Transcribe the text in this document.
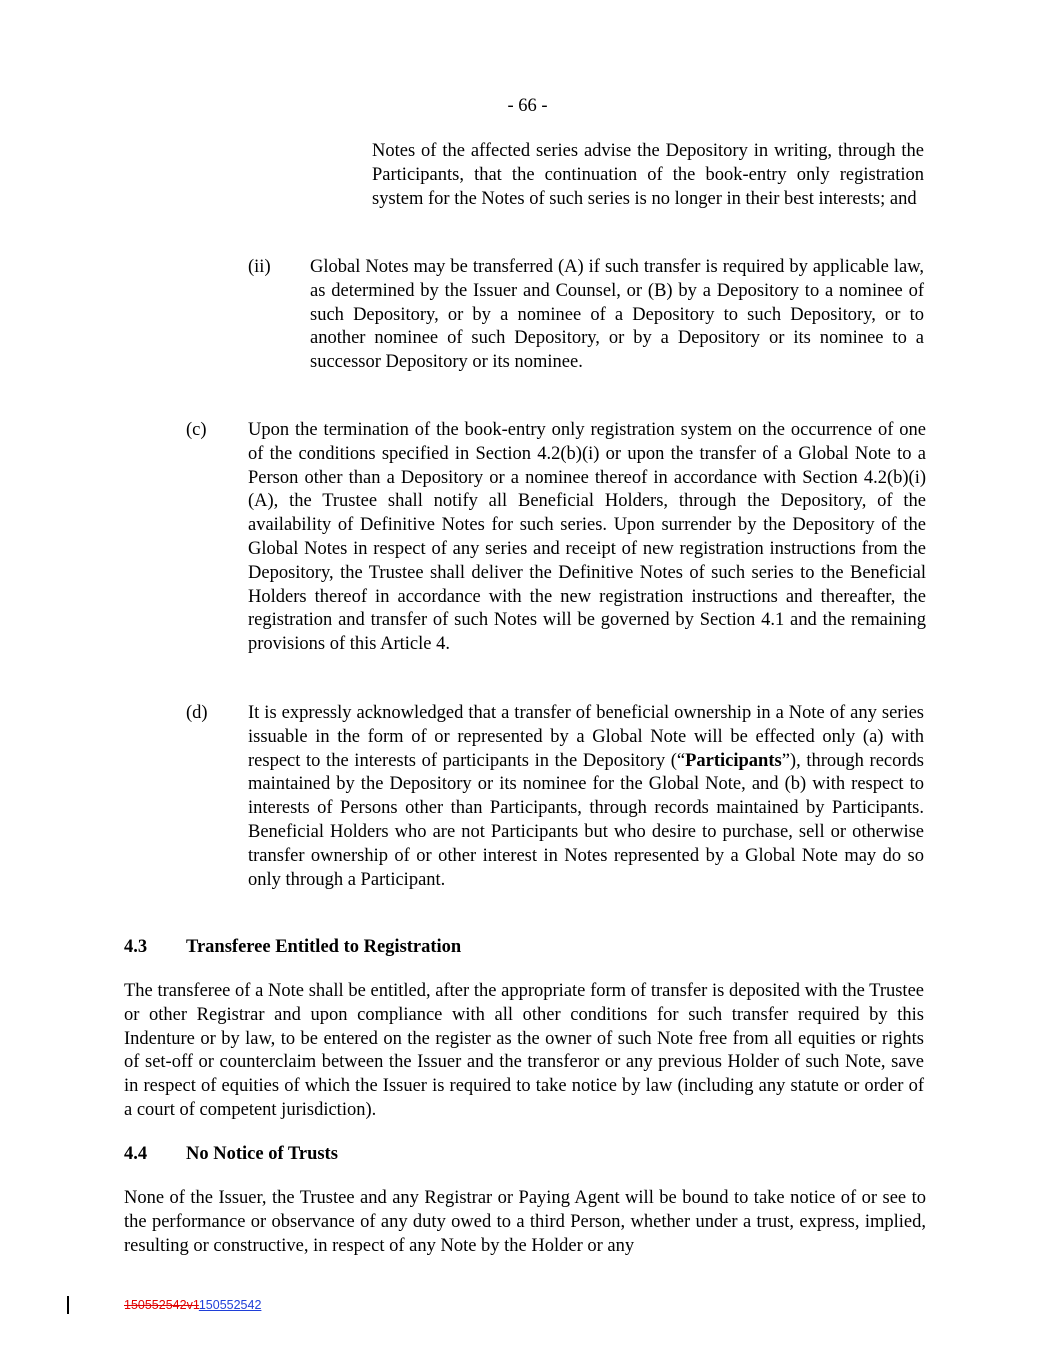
- 66 -

Notes of the affected series advise the Depository in writing, through the Participants, that the continuation of the book-entry only registration system for the Notes of such series is no longer in their best interests; and

(ii) Global Notes may be transferred (A) if such transfer is required by applicable law, as determined by the Issuer and Counsel, or (B) by a Depository to a nominee of such Depository, or by a nominee of a Depository to such Depository, or to another nominee of such Depository, or by a Depository or its nominee to a successor Depository or its nominee.

(c) Upon the termination of the book-entry only registration system on the occurrence of one of the conditions specified in Section 4.2(b)(i) or upon the transfer of a Global Note to a Person other than a Depository or a nominee thereof in accordance with Section 4.2(b)(i)(A), the Trustee shall notify all Beneficial Holders, through the Depository, of the availability of Definitive Notes for such series. Upon surrender by the Depository of the Global Notes in respect of any series and receipt of new registration instructions from the Depository, the Trustee shall deliver the Definitive Notes of such series to the Beneficial Holders thereof in accordance with the new registration instructions and thereafter, the registration and transfer of such Notes will be governed by Section 4.1 and the remaining provisions of this Article 4.

(d) It is expressly acknowledged that a transfer of beneficial ownership in a Note of any series issuable in the form of or represented by a Global Note will be effected only (a) with respect to the interests of participants in the Depository (“Participants”), through records maintained by the Depository or its nominee for the Global Note, and (b) with respect to interests of Persons other than Participants, through records maintained by Participants. Beneficial Holders who are not Participants but who desire to purchase, sell or otherwise transfer ownership of or other interest in Notes represented by a Global Note may do so only through a Participant.

4.3 Transferee Entitled to Registration

The transferee of a Note shall be entitled, after the appropriate form of transfer is deposited with the Trustee or other Registrar and upon compliance with all other conditions for such transfer required by this Indenture or by law, to be entered on the register as the owner of such Note free from all equities or rights of set-off or counterclaim between the Issuer and the transferor or any previous Holder of such Note, save in respect of equities of which the Issuer is required to take notice by law (including any statute or order of a court of competent jurisdiction).

4.4 No Notice of Trusts

None of the Issuer, the Trustee and any Registrar or Paying Agent will be bound to take notice of or see to the performance or observance of any duty owed to a third Person, whether under a trust, express, implied, resulting or constructive, in respect of any Note by the Holder or any

150552542v1150552542
